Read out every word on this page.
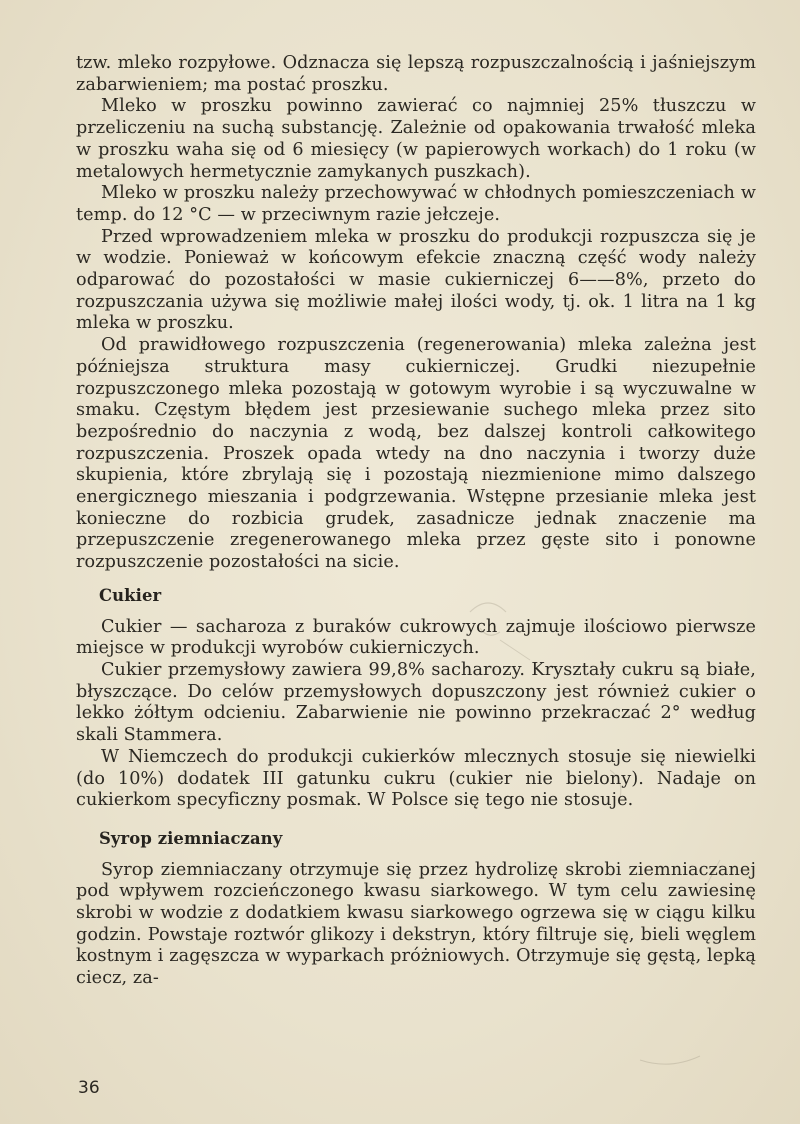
tzw. mleko rozpyłowe. Odznacza się lepszą rozpuszczalnością i jaśniejszym zabarwieniem; ma postać proszku.

Mleko w proszku powinno zawierać co najmniej 25% tłuszczu w przeliczeniu na suchą substancję. Zależnie od opakowania trwałość mleka w proszku waha się od 6 miesięcy (w papierowych workach) do 1 roku (w metalowych hermetycznie zamykanych puszkach).

Mleko w proszku należy przechowywać w chłodnych pomieszczeniach w temp. do 12 °C — w przeciwnym razie jełczeje.

Przed wprowadzeniem mleka w proszku do produkcji rozpuszcza się je w wodzie. Ponieważ w końcowym efekcie znaczną część wody należy odparować do pozostałości w masie cukierniczej 6——8%, przeto do rozpuszczania używa się możliwie małej ilości wody, tj. ok. 1 litra na 1 kg mleka w proszku.

Od prawidłowego rozpuszczenia (regenerowania) mleka zależna jest późniejsza struktura masy cukierniczej. Grudki niezupełnie rozpuszczonego mleka pozostają w gotowym wyrobie i są wyczuwalne w smaku. Częstym błędem jest przesiewanie suchego mleka przez sito bezpośrednio do naczynia z wodą, bez dalszej kontroli całkowitego rozpuszczenia. Proszek opada wtedy na dno naczynia i tworzy duże skupienia, które zbrylają się i pozostają niezmienione mimo dalszego energicznego mieszania i podgrzewania. Wstępne przesianie mleka jest konieczne do rozbicia grudek, zasadnicze jednak znaczenie ma przepuszczenie zregenerowanego mleka przez gęste sito i ponowne rozpuszczenie pozostałości na sicie.

Cukier

Cukier — sacharoza z buraków cukrowych zajmuje ilościowo pierwsze miejsce w produkcji wyrobów cukierniczych.

Cukier przemysłowy zawiera 99,8% sacharozy. Kryształy cukru są białe, błyszczące. Do celów przemysłowych dopuszczony jest również cukier o lekko żółtym odcieniu. Zabarwienie nie powinno przekraczać 2° według skali Stammera.

W Niemczech do produkcji cukierków mlecznych stosuje się niewielki (do 10%) dodatek III gatunku cukru (cukier nie bielony). Nadaje on cukierkom specyficzny posmak. W Polsce się tego nie stosuje.

Syrop ziemniaczany

Syrop ziemniaczany otrzymuje się przez hydrolizę skrobi ziemniaczanej pod wpływem rozcieńczonego kwasu siarkowego. W tym celu zawiesinę skrobi w wodzie z dodatkiem kwasu siarkowego ogrzewa się w ciągu kilku godzin. Powstaje roztwór glikozy i dekstryn, który filtruje się, bieli węglem kostnym i zagęszcza w wyparkach próżniowych. Otrzymuje się gęstą, lepką ciecz, za-

36
